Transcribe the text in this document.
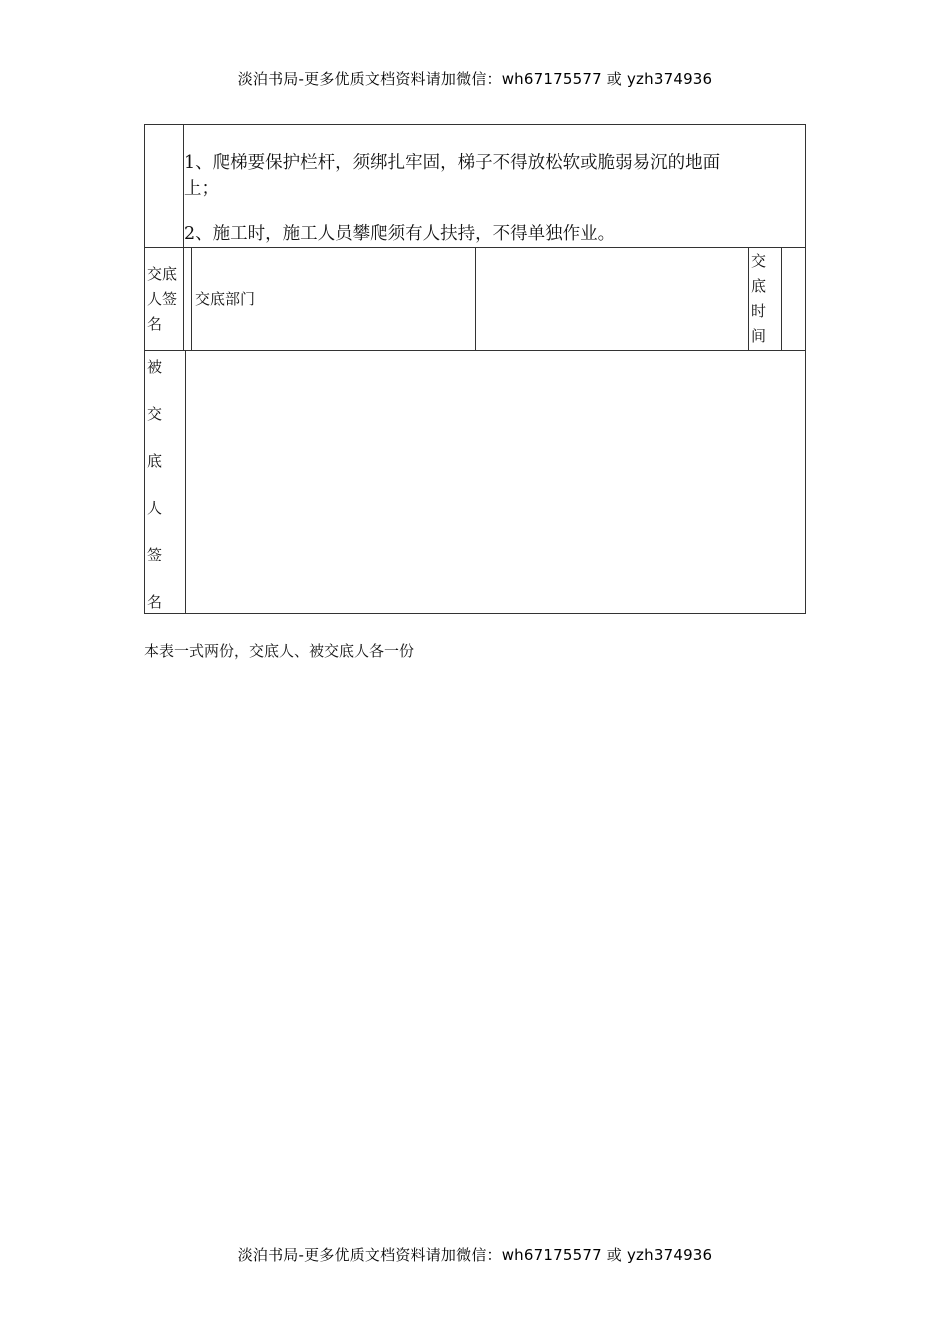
淡泊书局-更多优质文档资料请加微信：wh67175577 或 yzh374936
1、爬梯要保护栏杆，须绑扎牢固，梯子不得放松软或脆弱易沉的地面
上；
2、施工时，施工人员攀爬须有人扶持，不得单独作业。
交底
人签
名
交底部门
交
底
时
间
被
交
底
人
签
名
本表一式两份，交底人、被交底人各一份
淡泊书局-更多优质文档资料请加微信：wh67175577 或 yzh374936
